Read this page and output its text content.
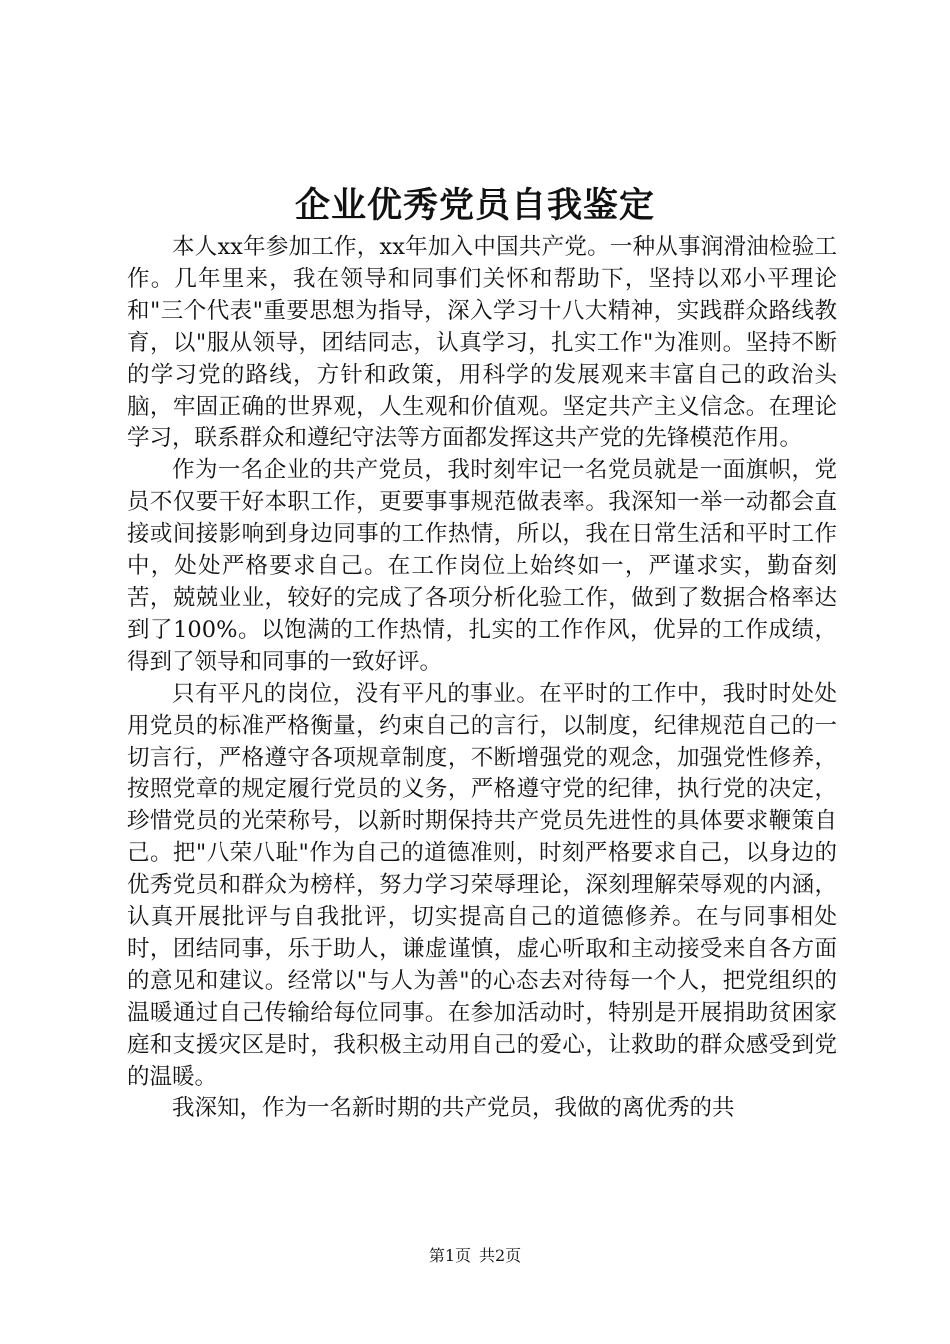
企业优秀党员自我鉴定

本人xx年参加工作，xx年加入中国共产党。一种从事润滑油检验工作。几年里来，我在领导和同事们关怀和帮助下，坚持以邓小平理论和"三个代表"重要思想为指导，深入学习十八大精神，实践群众路线教育，以"服从领导，团结同志，认真学习，扎实工作"为准则。坚持不断的学习党的路线，方针和政策，用科学的发展观来丰富自己的政治头脑，牢固正确的世界观，人生观和价值观。坚定共产主义信念。在理论学习，联系群众和遵纪守法等方面都发挥这共产党的先锋模范作用。

作为一名企业的共产党员，我时刻牢记一名党员就是一面旗帜，党员不仅要干好本职工作，更要事事规范做表率。我深知一举一动都会直接或间接影响到身边同事的工作热情，所以，我在日常生活和平时工作中，处处严格要求自己。在工作岗位上始终如一，严谨求实，勤奋刻苦，兢兢业业，较好的完成了各项分析化验工作，做到了数据合格率达到了100%。以饱满的工作热情，扎实的工作作风，优异的工作成绩，得到了领导和同事的一致好评。

只有平凡的岗位，没有平凡的事业。在平时的工作中，我时时处处用党员的标准严格衡量，约束自己的言行，以制度，纪律规范自己的一切言行，严格遵守各项规章制度，不断增强党的观念，加强党性修养，按照党章的规定履行党员的义务，严格遵守党的纪律，执行党的决定，珍惜党员的光荣称号，以新时期保持共产党员先进性的具体要求鞭策自己。把"八荣八耻"作为自己的道德准则，时刻严格要求自己，以身边的优秀党员和群众为榜样，努力学习荣辱理论，深刻理解荣辱观的内涵，认真开展批评与自我批评，切实提高自己的道德修养。在与同事相处时，团结同事，乐于助人，谦虚谨慎，虚心听取和主动接受来自各方面的意见和建议。经常以"与人为善"的心态去对待每一个人，把党组织的温暖通过自己传输给每位同事。在参加活动时，特别是开展捐助贫困家庭和支援灾区是时，我积极主动用自己的爱心，让救助的群众感受到党的温暖。

我深知，作为一名新时期的共产党员，我做的离优秀的共

第1页 共2页
